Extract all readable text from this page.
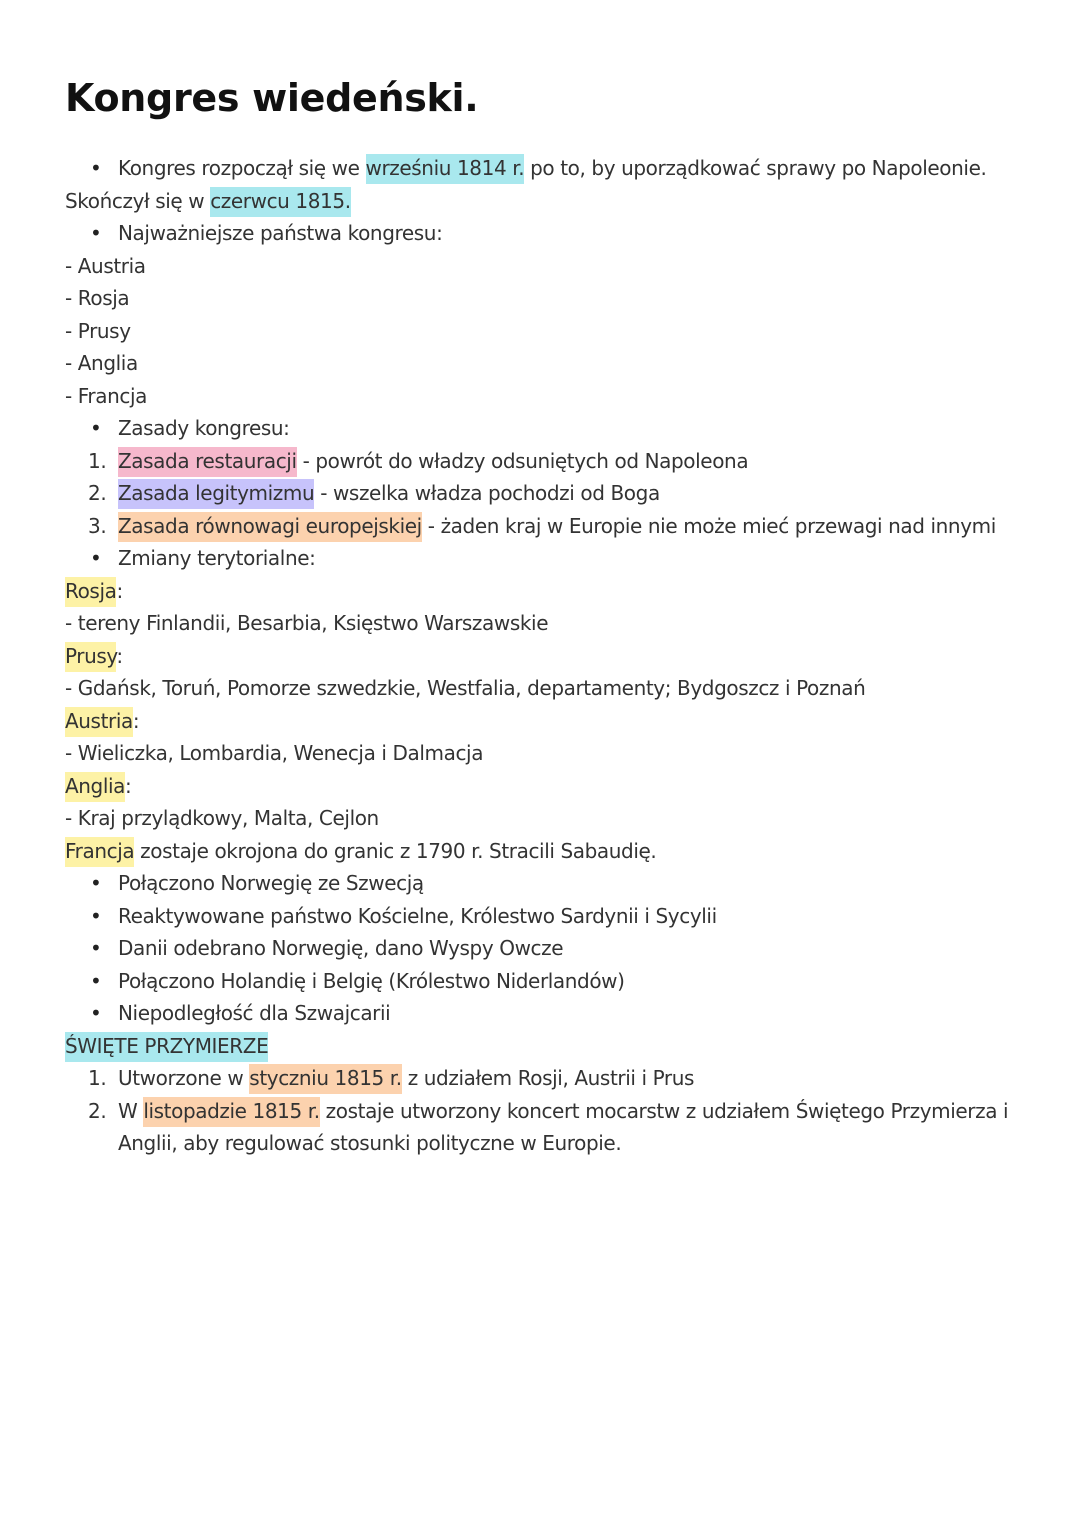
Kongres wiedeński.
• Kongres rozpoczął się we wrześniu 1814 r. po to, by uporządkować sprawy po Napoleonie.
Skończył się w czerwcu 1815.
• Najważniejsze państwa kongresu:
- Austria
- Rosja
- Prusy
- Anglia
- Francja
• Zasady kongresu:
1. Zasada restauracji - powrót do władzy odsuniętych od Napoleona
2. Zasada legitymizmu - wszelka władza pochodzi od Boga
3. Zasada równowagi europejskiej - żaden kraj w Europie nie może mieć przewagi nad innymi
• Zmiany terytorialne:
Rosja:
- tereny Finlandii, Besarbia, Księstwo Warszawskie
Prusy:
- Gdańsk, Toruń, Pomorze szwedzkie, Westfalia, departamenty; Bydgoszcz i Poznań
Austria:
- Wieliczka, Lombardia, Wenecja i Dalmacja
Anglia:
- Kraj przylądkowy, Malta, Cejlon
Francja zostaje okrojona do granic z 1790 r. Stracili Sabaudię.
• Połączono Norwegię ze Szwecją
• Reaktywowane państwo Kościelne, Królestwo Sardynii i Sycylii
• Danii odebrano Norwegię, dano Wyspy Owcze
• Połączono Holandię i Belgię (Królestwo Niderlandów)
• Niepodległość dla Szwajcarii
ŚWIĘTE PRZYMIERZE
1. Utworzone w styczniu 1815 r. z udziałem Rosji, Austrii i Prus
2. W listopadzie 1815 r. zostaje utworzony koncert mocarstw z udziałem Świętego Przymierza i
Anglii, aby regulować stosunki polityczne w Europie.
